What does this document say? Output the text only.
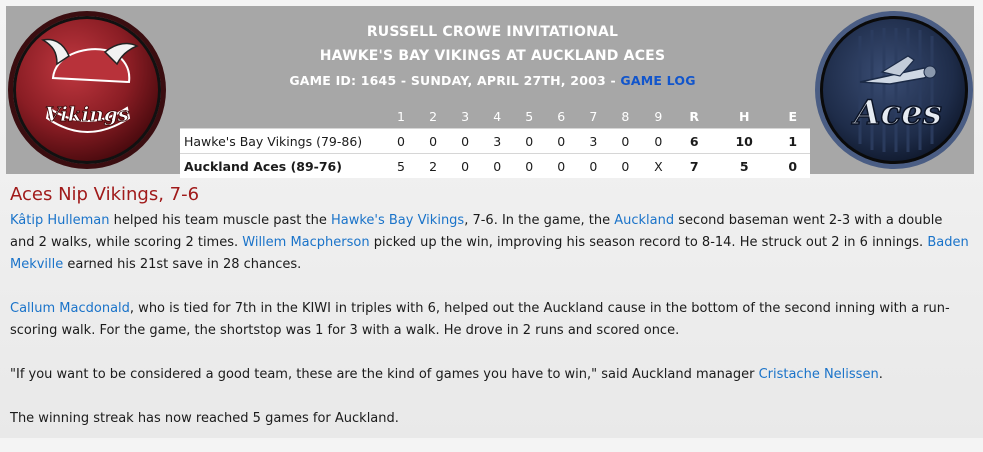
Vikings
RUSSELL CROWE INVITATIONAL
HAWKE'S BAY VIKINGS AT AUCKLAND ACES
GAME ID: 1645 - SUNDAY, APRIL 27TH, 2003 - GAME LOG
	1	2	3	4	5	6	7	8	9	R	H	E
Hawke's Bay Vikings (79-86)	0	0	0	3	0	0	3	0	0	6	10	1
Auckland Aces (89-76)	5	2	0	0	0	0	0	0	X	7	5	0
Aces
Aces Nip Vikings, 7-6

Kâtip Hulleman helped his team muscle past the Hawke's Bay Vikings, 7-6. In the game, the Auckland second baseman went 2-3 with a double and 2 walks, while scoring 2 times. Willem Macpherson picked up the win, improving his season record to 8-14. He struck out 2 in 6 innings. Baden Mekville earned his 21st save in 28 chances.

Callum Macdonald, who is tied for 7th in the KIWI in triples with 6, helped out the Auckland cause in the bottom of the second inning with a run-scoring walk. For the game, the shortstop was 1 for 3 with a walk. He drove in 2 runs and scored once.

"If you want to be considered a good team, these are the kind of games you have to win," said Auckland manager Cristache Nelissen.

The winning streak has now reached 5 games for Auckland.
